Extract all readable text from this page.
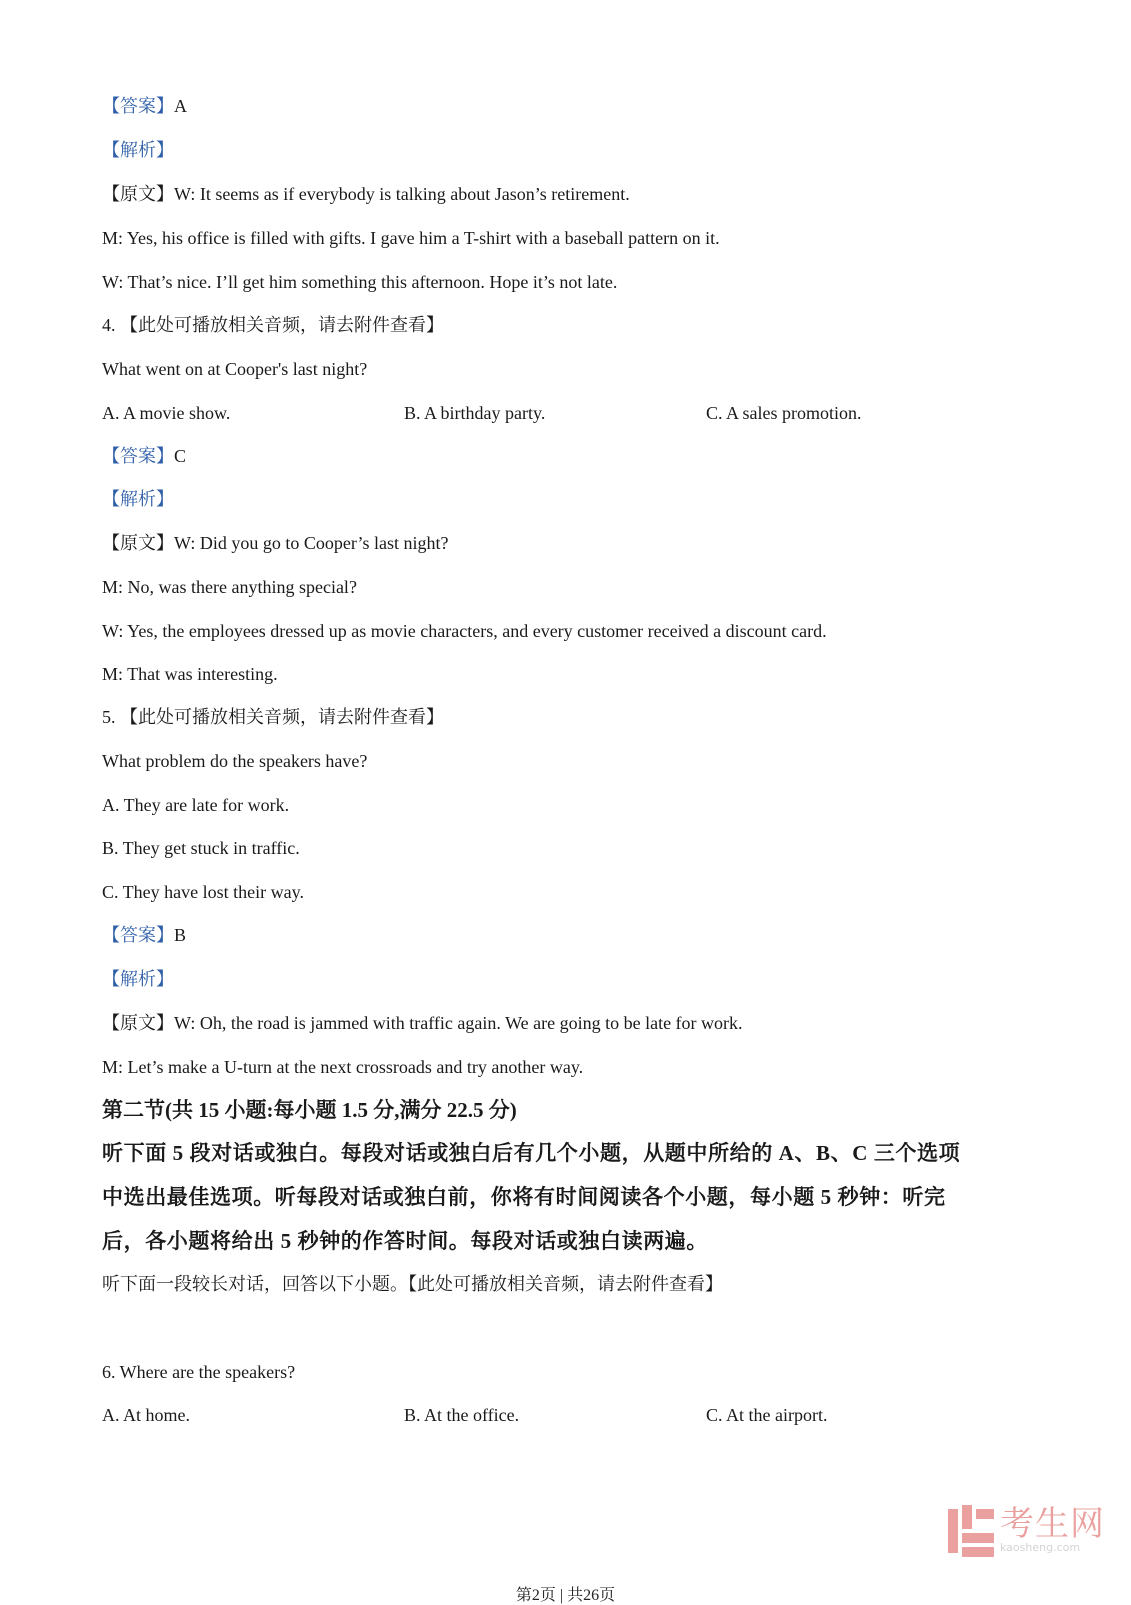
【答案】A
【解析】
【原文】W: It seems as if everybody is talking about Jason’s retirement.
M: Yes, his office is filled with gifts. I gave him a T-shirt with a baseball pattern on it.
W: That’s nice. I’ll get him something this afternoon. Hope it’s not late.
4. 【此处可播放相关音频，请去附件查看】
What went on at Cooper's last night?
A. A movie show.	B. A birthday party.	C. A sales promotion.
【答案】C
【解析】
【原文】W: Did you go to Cooper’s last night?
M: No, was there anything special?
W: Yes, the employees dressed up as movie characters, and every customer received a discount card.
M: That was interesting.
5. 【此处可播放相关音频，请去附件查看】
What problem do the speakers have?
A. They are late for work.
B. They get stuck in traffic.
C. They have lost their way.
【答案】B
【解析】
【原文】W: Oh, the road is jammed with traffic again. We are going to be late for work.
M: Let’s make a U-turn at the next crossroads and try another way.
第二节(共 15 小题:每小题 1.5 分,满分 22.5 分)
听下面 5 段对话或独白。每段对话或独白后有几个小题，从题中所给的 A、B、C 三个选项
中选出最佳选项。听每段对话或独白前，你将有时间阅读各个小题，每小题 5 秒钟：听完
后，各小题将给出 5 秒钟的作答时间。每段对话或独白读两遍。
听下面一段较长对话，回答以下小题。【此处可播放相关音频，请去附件查看】
6. Where are the speakers?
A. At home.	B. At the office.	C. At the airport.
考生网
kaosheng.com
第2页 | 共26页
